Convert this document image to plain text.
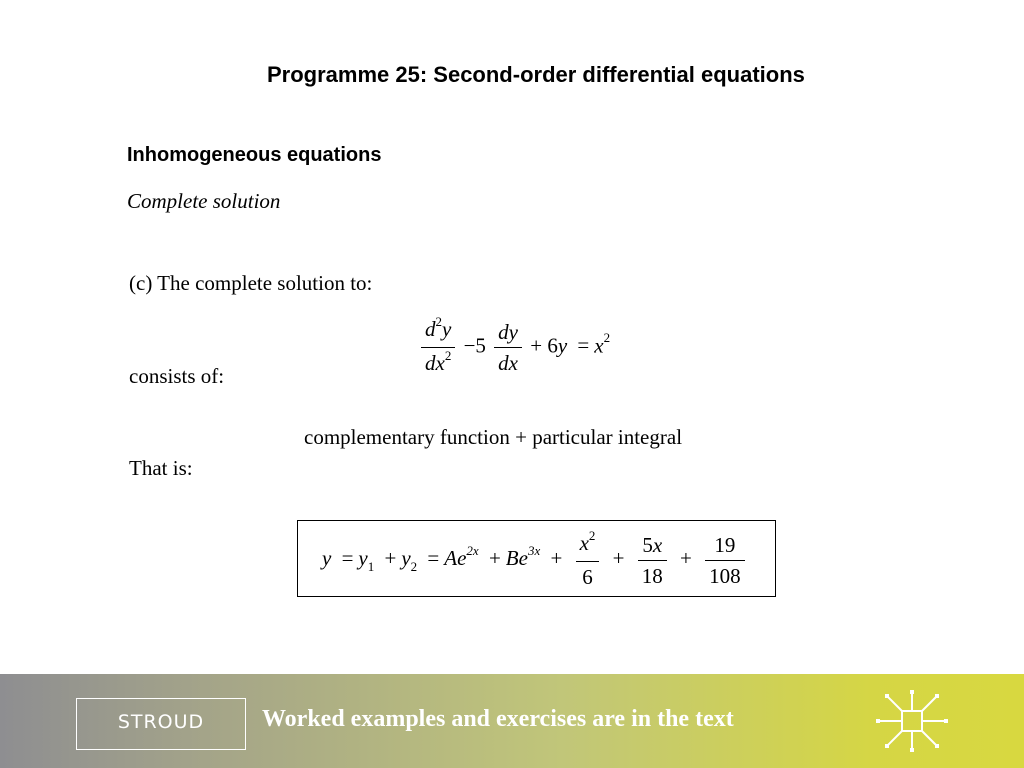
Programme 25: Second-order differential equations
Inhomogeneous equations
Complete solution
(c) The complete solution to:
$\frac{d^2y}{dx^2} -5 \frac{dy}{dx} + 6y = x^2$
consists of:
complementary function + particular integral
That is:
$y = y_1 + y_2 = Ae^{2x} + Be^{3x} + \frac{x^2}{6} + \frac{5x}{18} + \frac{19}{108}$
STROUD	Worked examples and exercises are in the text
